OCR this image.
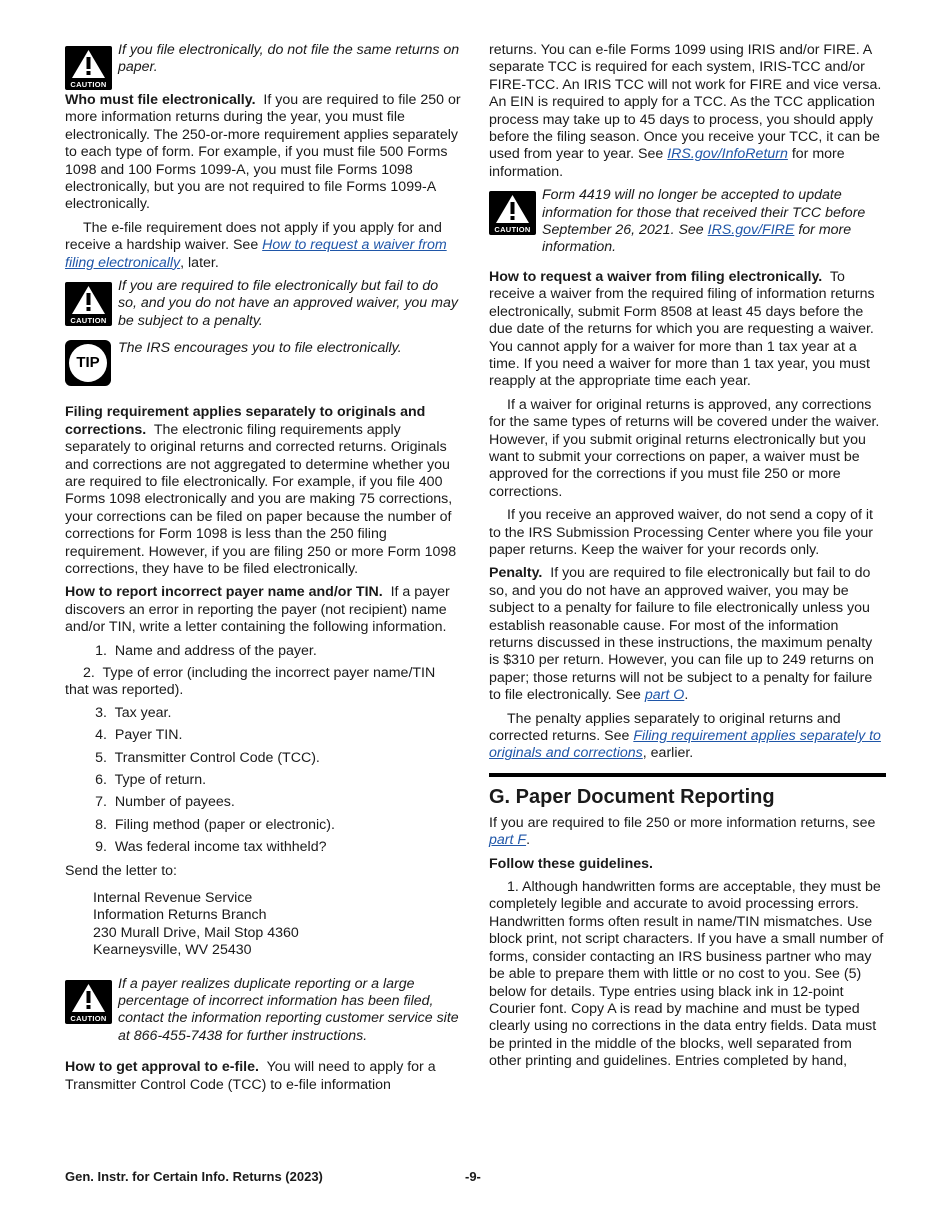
CAUTION
If you file electronically, do not file the same returns on paper.

Who must file electronically. If you are required to file 250 or more information returns during the year, you must file electronically. The 250-or-more requirement applies separately to each type of form. For example, if you must file 500 Forms 1098 and 100 Forms 1099-A, you must file Forms 1098 electronically, but you are not required to file Forms 1099-A electronically.

The e-file requirement does not apply if you apply for and receive a hardship waiver. See How to request a waiver from filing electronically, later.

CAUTION
If you are required to file electronically but fail to do so, and you do not have an approved waiver, you may be subject to a penalty.
TIP
The IRS encourages you to file electronically.

Filing requirement applies separately to originals and corrections. The electronic filing requirements apply separately to original returns and corrected returns. Originals and corrections are not aggregated to determine whether you are required to file electronically. For example, if you file 400 Forms 1098 electronically and you are making 75 corrections, your corrections can be filed on paper because the number of corrections for Form 1098 is less than the 250 filing requirement. However, if you are filing 250 or more Form 1098 corrections, they have to be filed electronically.

How to report incorrect payer name and/or TIN. If a payer discovers an error in reporting the payer (not recipient) name and/or TIN, write a letter containing the following information.

1. Name and address of the payer.
2. Type of error (including the incorrect payer name/TIN that was reported).
3. Tax year.
4. Payer TIN.
5. Transmitter Control Code (TCC).
6. Type of return.
7. Number of payees.
8. Filing method (paper or electronic).
9. Was federal income tax withheld?

Send the letter to:

Internal Revenue Service
Information Returns Branch
230 Murall Drive, Mail Stop 4360
Kearneysville, WV 25430
CAUTION
If a payer realizes duplicate reporting or a large percentage of incorrect information has been filed, contact the information reporting customer service site at 866-455-7438 for further instructions.

How to get approval to e-file. You will need to apply for a Transmitter Control Code (TCC) to e-file information

returns. You can e-file Forms 1099 using IRIS and/or FIRE. A separate TCC is required for each system, IRIS-TCC and/or FIRE-TCC. An IRIS TCC will not work for FIRE and vice versa. An EIN is required to apply for a TCC. As the TCC application process may take up to 45 days to process, you should apply before the filing season. Once you receive your TCC, it can be used from year to year. See IRS.gov/InfoReturn for more information.

CAUTION
Form 4419 will no longer be accepted to update information for those that received their TCC before September 26, 2021. See IRS.gov/FIRE for more information.

How to request a waiver from filing electronically. To receive a waiver from the required filing of information returns electronically, submit Form 8508 at least 45 days before the due date of the returns for which you are requesting a waiver. You cannot apply for a waiver for more than 1 tax year at a time. If you need a waiver for more than 1 tax year, you must reapply at the appropriate time each year.

If a waiver for original returns is approved, any corrections for the same types of returns will be covered under the waiver. However, if you submit original returns electronically but you want to submit your corrections on paper, a waiver must be approved for the corrections if you must file 250 or more corrections.

If you receive an approved waiver, do not send a copy of it to the IRS Submission Processing Center where you file your paper returns. Keep the waiver for your records only.

Penalty. If you are required to file electronically but fail to do so, and you do not have an approved waiver, you may be subject to a penalty for failure to file electronically unless you establish reasonable cause. For most of the information returns discussed in these instructions, the maximum penalty is $310 per return. However, you can file up to 249 returns on paper; those returns will not be subject to a penalty for failure to file electronically. See part O.

The penalty applies separately to original returns and corrected returns. See Filing requirement applies separately to originals and corrections, earlier.

G. Paper Document Reporting

If you are required to file 250 or more information returns, see part F.

Follow these guidelines.

1. Although handwritten forms are acceptable, they must be completely legible and accurate to avoid processing errors. Handwritten forms often result in name/TIN mismatches. Use block print, not script characters. If you have a small number of forms, consider contacting an IRS business partner who may be able to prepare them with little or no cost to you. See (5) below for details. Type entries using black ink in 12-point Courier font. Copy A is read by machine and must be typed clearly using no corrections in the data entry fields. Data must be printed in the middle of the blocks, well separated from other printing and guidelines. Entries completed by hand,

Gen. Instr. for Certain Info. Returns (2023)	-9-
